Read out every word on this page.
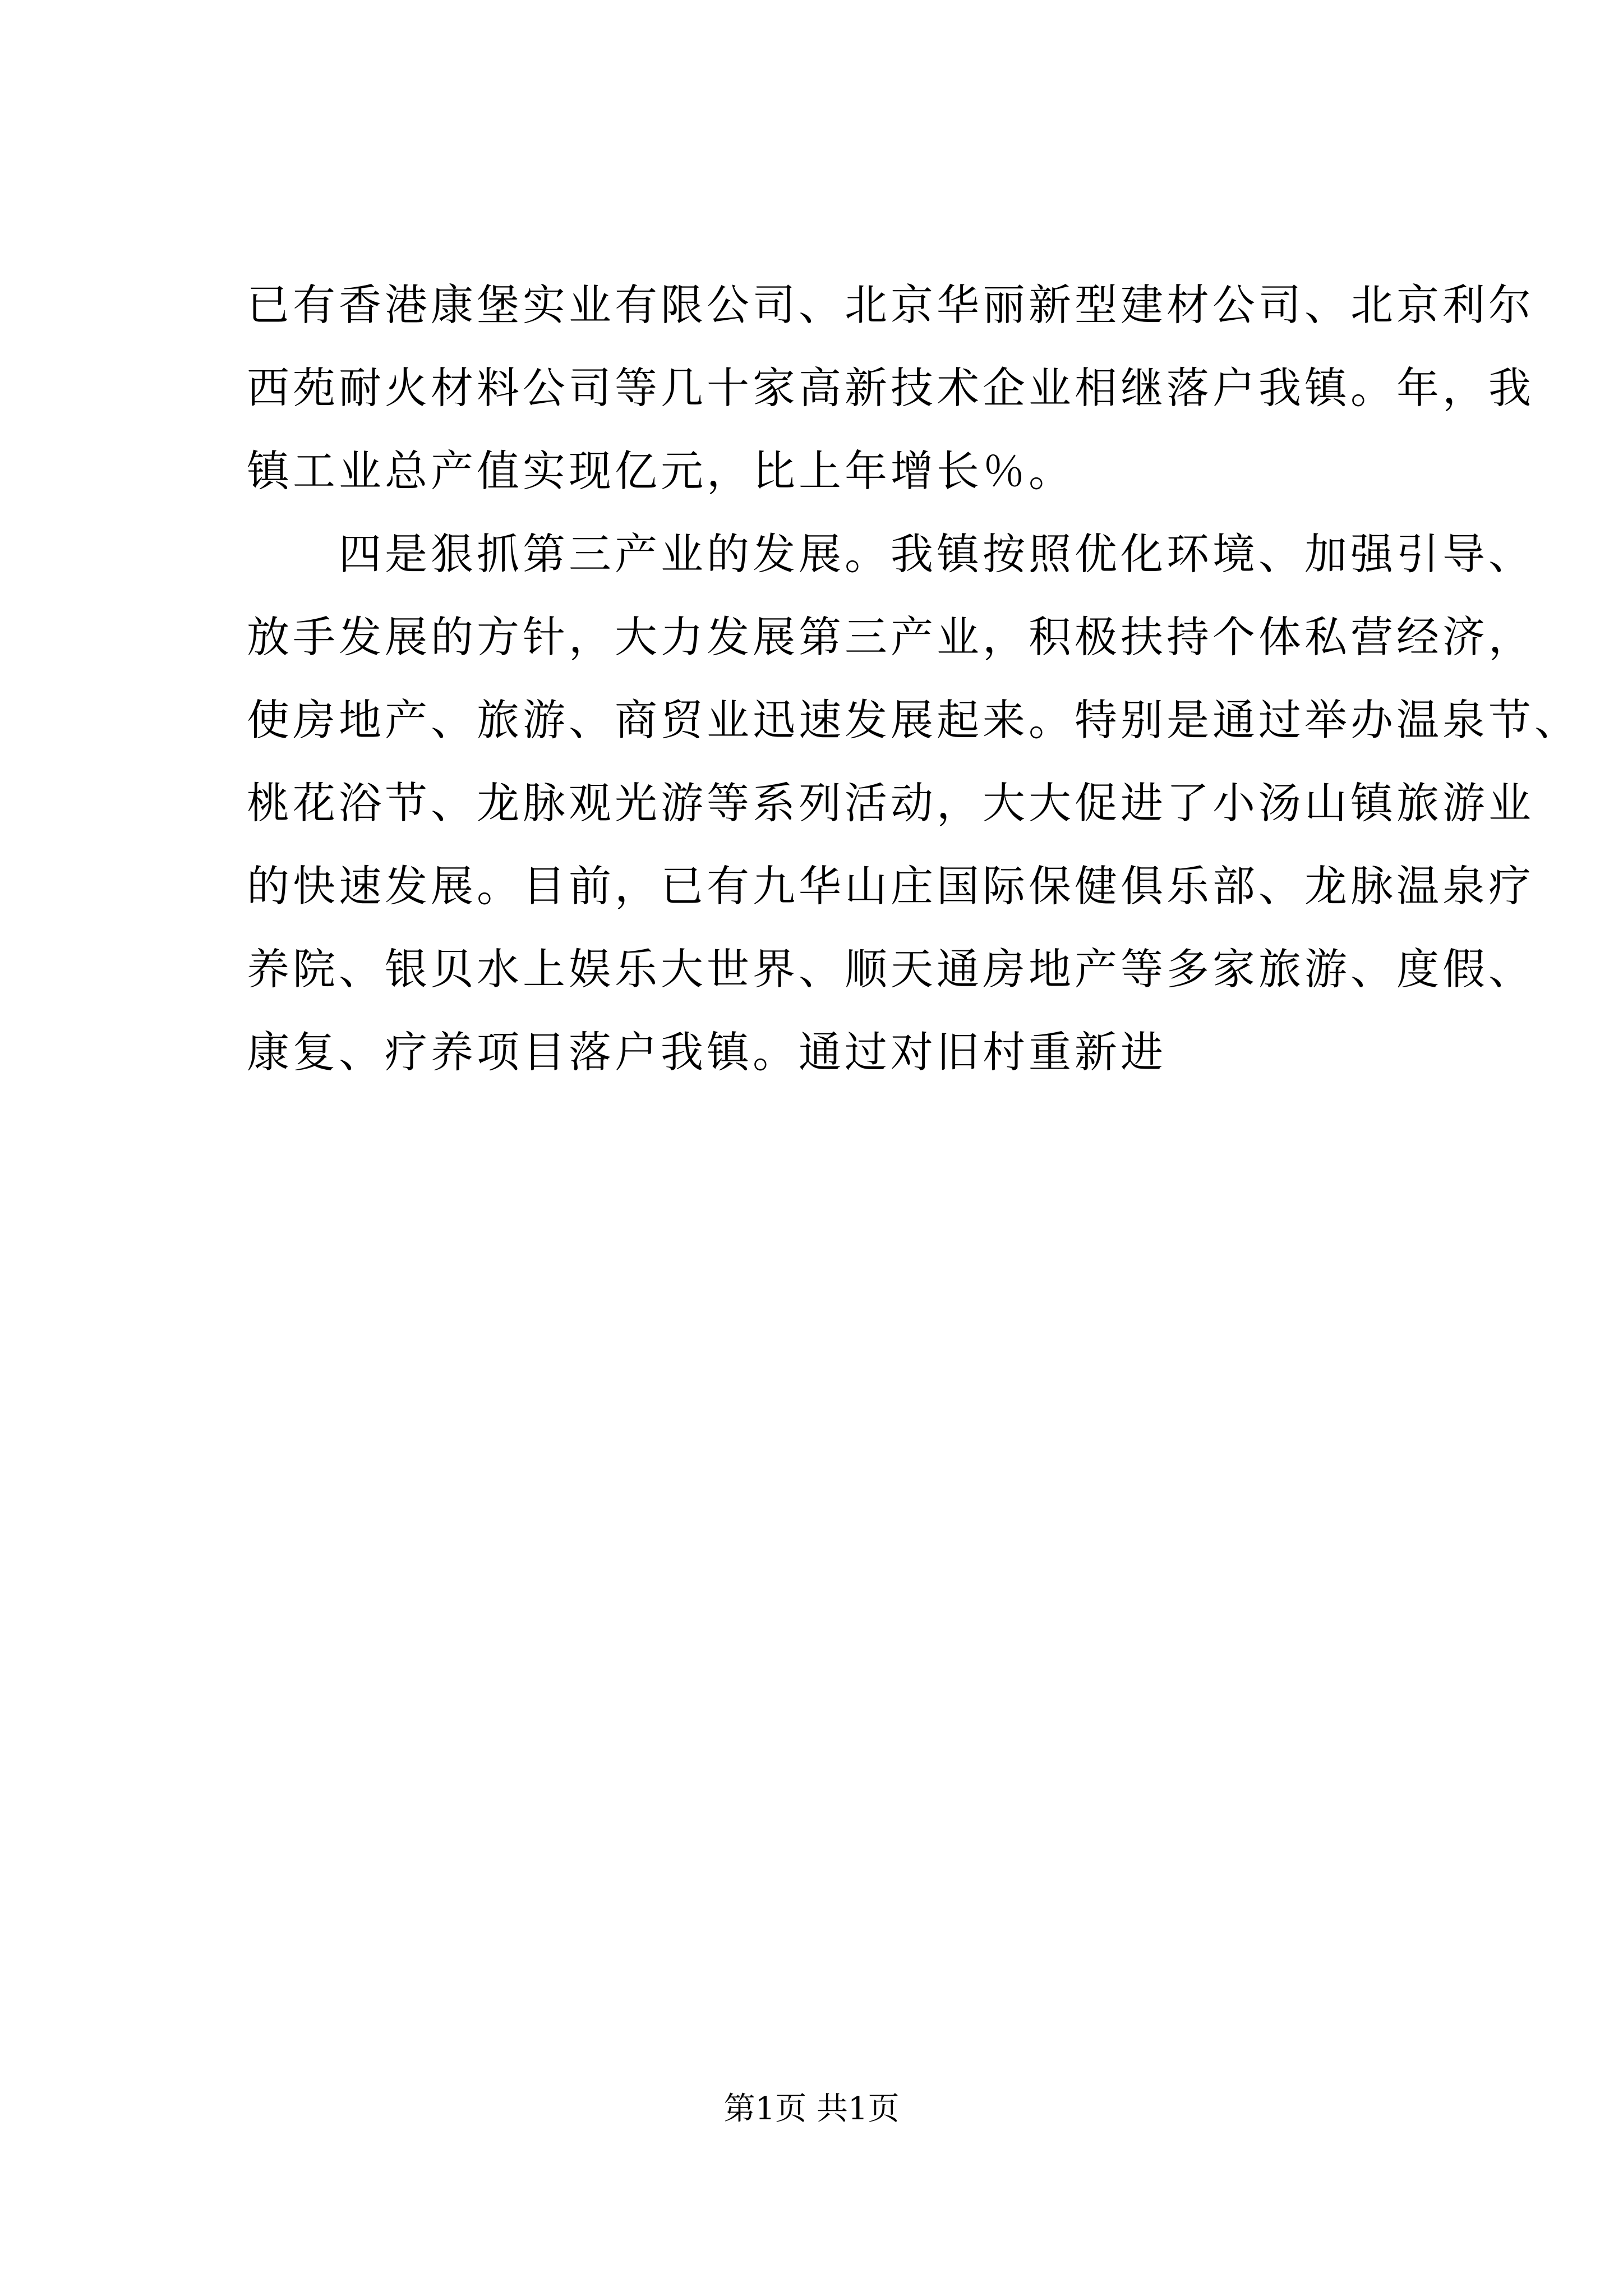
已有香港康堡实业有限公司、北京华丽新型建材公司、北京利尔
西苑耐火材料公司等几十家高新技术企业相继落户我镇。年，我
镇工业总产值实现亿元，比上年增长％。
　　四是狠抓第三产业的发展。我镇按照优化环境、加强引导、
放手发展的方针，大力发展第三产业，积极扶持个体私营经济，
使房地产、旅游、商贸业迅速发展起来。特别是通过举办温泉节、
桃花浴节、龙脉观光游等系列活动，大大促进了小汤山镇旅游业
的快速发展。目前，已有九华山庄国际保健俱乐部、龙脉温泉疗
养院、银贝水上娱乐大世界、顺天通房地产等多家旅游、度假、
康复、疗养项目落户我镇。通过对旧村重新进
第1页 共1页
